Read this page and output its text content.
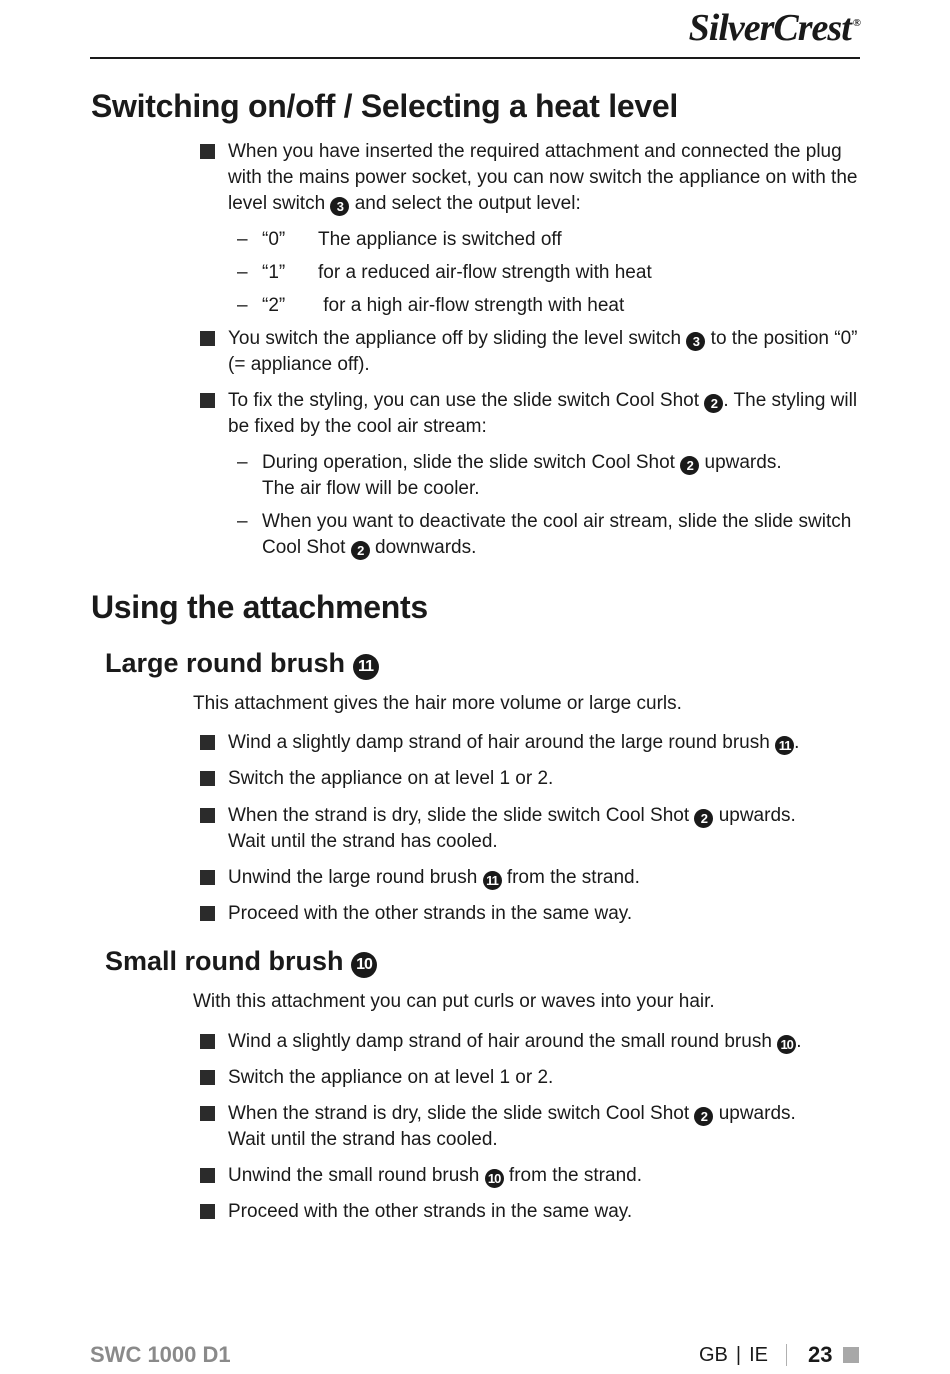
SilverCrest ®
Switching on/off / Selecting a heat level
When you have inserted the required attachment and connected the plug with the mains power socket, you can now switch the appliance on with the level switch 3 and select the output level:
– “0” The appliance is switched off
– “1” for a reduced air-flow strength with heat
– “2” for a high air-flow strength with heat
You switch the appliance off by sliding the level switch 3 to the position “0” (= appliance off).
To fix the styling, you can use the slide switch Cool Shot 2 . The styling will be fixed by the cool air stream:
– During operation, slide the slide switch Cool Shot 2 upwards.
The air flow will be cooler.
– When you want to deactivate the cool air stream, slide the slide switch Cool Shot 2 downwards.
Using the attachments
Large round brush 11
This attachment gives the hair more volume or large curls.
Wind a slightly damp strand of hair around the large round brush 11 .
Switch the appliance on at level 1 or 2.
When the strand is dry, slide the slide switch Cool Shot 2 upwards.
Wait until the strand has cooled.
Unwind the large round brush 11 from the strand.
Proceed with the other strands in the same way.
Small round brush 10
With this attachment you can put curls or waves into your hair.
Wind a slightly damp strand of hair around the small round brush 10 .
Switch the appliance on at level 1 or 2.
When the strand is dry, slide the slide switch Cool Shot 2 upwards.
Wait until the strand has cooled.
Unwind the small round brush 10 from the strand.
Proceed with the other strands in the same way.
SWC 1000 D1	GB | IE 23
